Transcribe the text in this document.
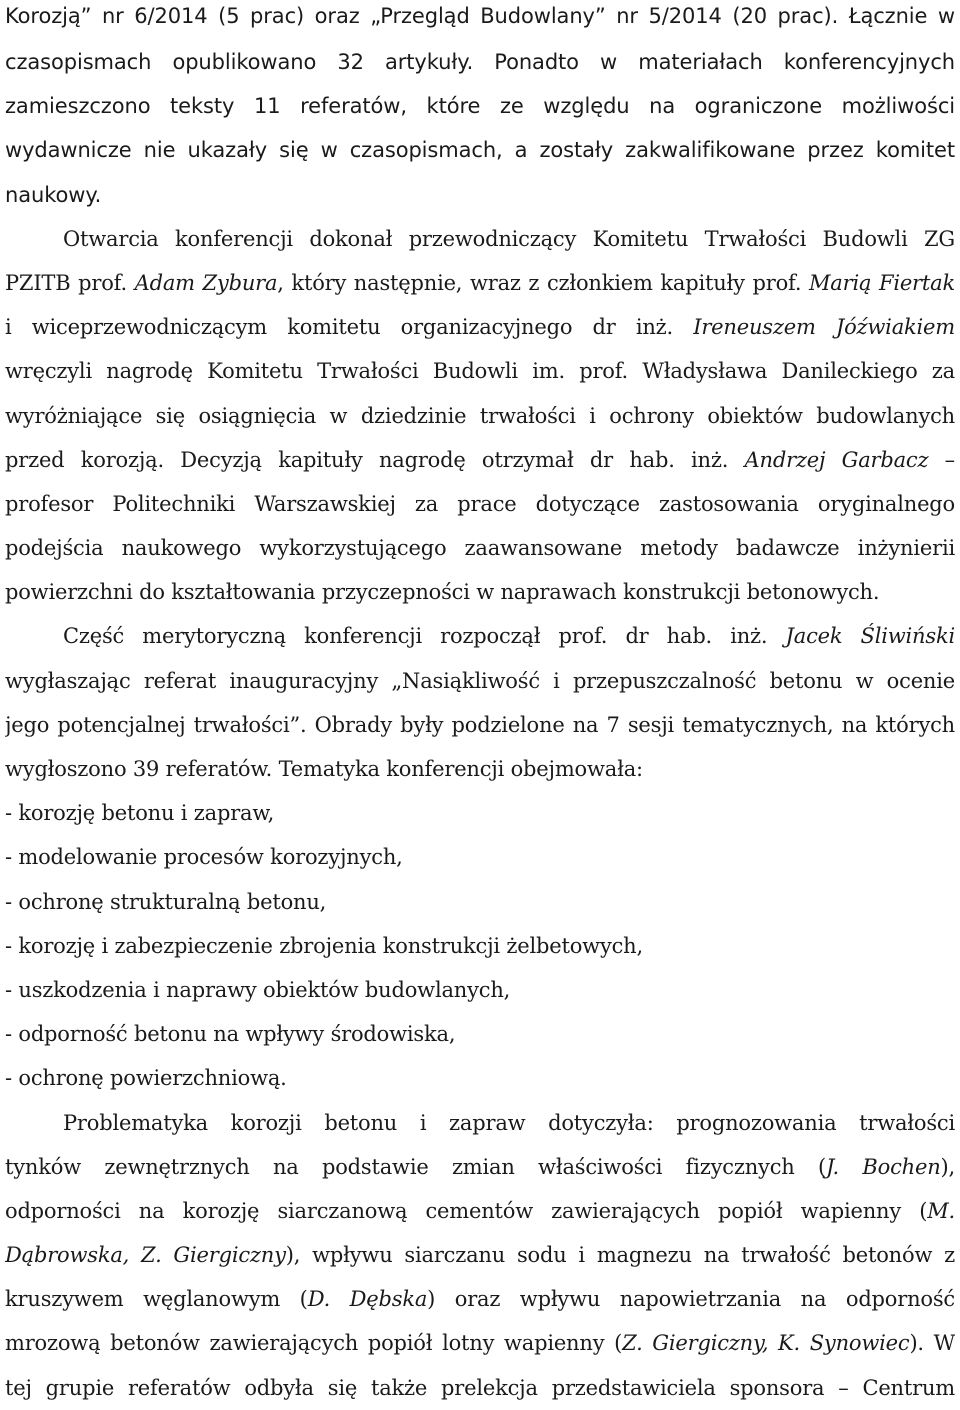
Korozją” nr 6/2014 (5 prac) oraz „Przegląd Budowlany” nr 5/2014 (20 prac). Łącznie w
czasopismach opublikowano 32 artykuły. Ponadto w materiałach konferencyjnych
zamieszczono teksty 11 referatów, które ze względu na ograniczone możliwości
wydawnicze nie ukazały się w czasopismach, a zostały zakwalifikowane przez komitet
naukowy.
Otwarcia konferencji dokonał przewodniczący Komitetu Trwałości Budowli ZG
PZITB prof. Adam Zybura, który następnie, wraz z członkiem kapituły prof. Marią Fiertak
i wiceprzewodniczącym komitetu organizacyjnego dr inż. Ireneuszem Jóźwiakiem
wręczyli nagrodę Komitetu Trwałości Budowli im. prof. Władysława Danileckiego za
wyróżniające się osiągnięcia w dziedzinie trwałości i ochrony obiektów budowlanych
przed korozją. Decyzją kapituły nagrodę otrzymał dr hab. inż. Andrzej Garbacz –
profesor Politechniki Warszawskiej za prace dotyczące zastosowania oryginalnego
podejścia naukowego wykorzystującego zaawansowane metody badawcze inżynierii
powierzchni do kształtowania przyczepności w naprawach konstrukcji betonowych.
Część merytoryczną konferencji rozpoczął prof. dr hab. inż. Jacek Śliwiński
wygłaszając referat inauguracyjny „Nasiąkliwość i przepuszczalność betonu w ocenie
jego potencjalnej trwałości”. Obrady były podzielone na 7 sesji tematycznych, na których
wygłoszono 39 referatów. Tematyka konferencji obejmowała:
- korozję betonu i zapraw,
- modelowanie procesów korozyjnych,
- ochronę strukturalną betonu,
- korozję i zabezpieczenie zbrojenia konstrukcji żelbetowych,
- uszkodzenia i naprawy obiektów budowlanych,
- odporność betonu na wpływy środowiska,
- ochronę powierzchniową.
Problematyka korozji betonu i zapraw dotyczyła: prognozowania trwałości
tynków zewnętrznych na podstawie zmian właściwości fizycznych (J. Bochen),
odporności na korozję siarczanową cementów zawierających popiół wapienny (M.
Dąbrowska, Z. Giergiczny), wpływu siarczanu sodu i magnezu na trwałość betonów z
kruszywem węglanowym (D. Dębska) oraz wpływu napowietrzania na odporność
mrozową betonów zawierających popiół lotny wapienny (Z. Giergiczny, K. Synowiec). W
tej grupie referatów odbyła się także prelekcja przedstawiciela sponsora – Centrum
